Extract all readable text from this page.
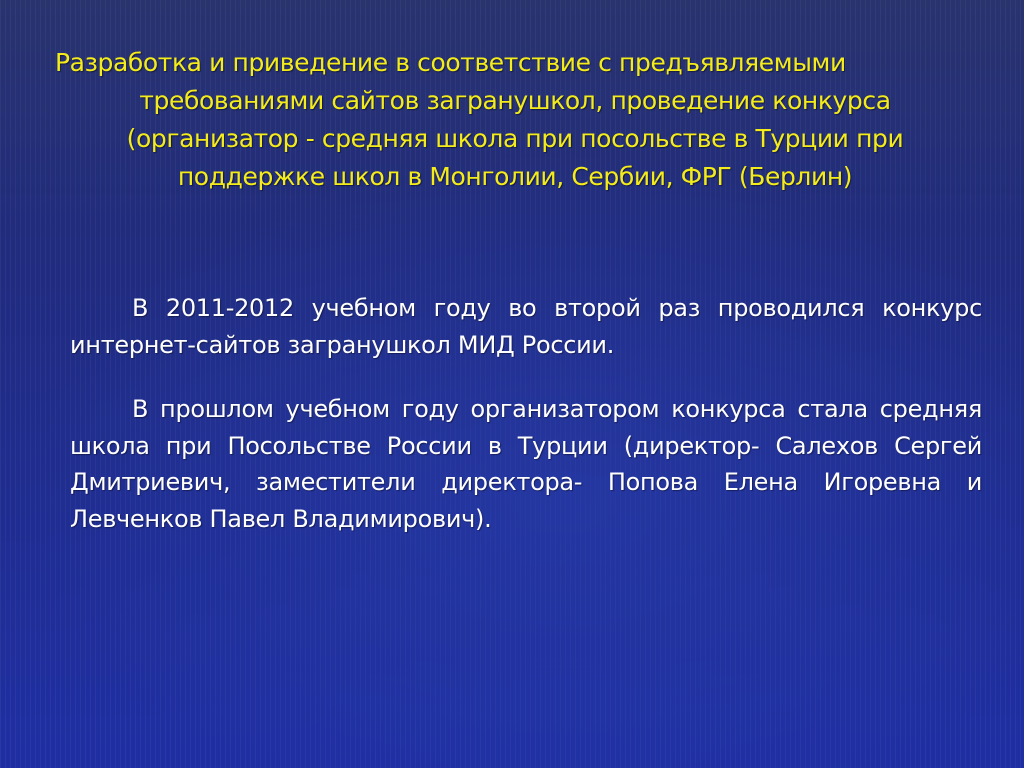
Разработка и приведение в соответствие с предъявляемыми
требованиями сайтов загранушкол, проведение конкурса
(организатор - средняя школа при посольстве в Турции при
поддержке школ в Монголии, Сербии, ФРГ (Берлин)

В 2011-2012 учебном году во второй раз проводился конкурс интернет-сайтов загранушкол МИД России.

В прошлом учебном году организатором конкурса стала средняя школа при Посольстве России в Турции (директор- Салехов Сергей Дмитриевич, заместители директора- Попова Елена Игоревна и Левченков Павел Владимирович).
